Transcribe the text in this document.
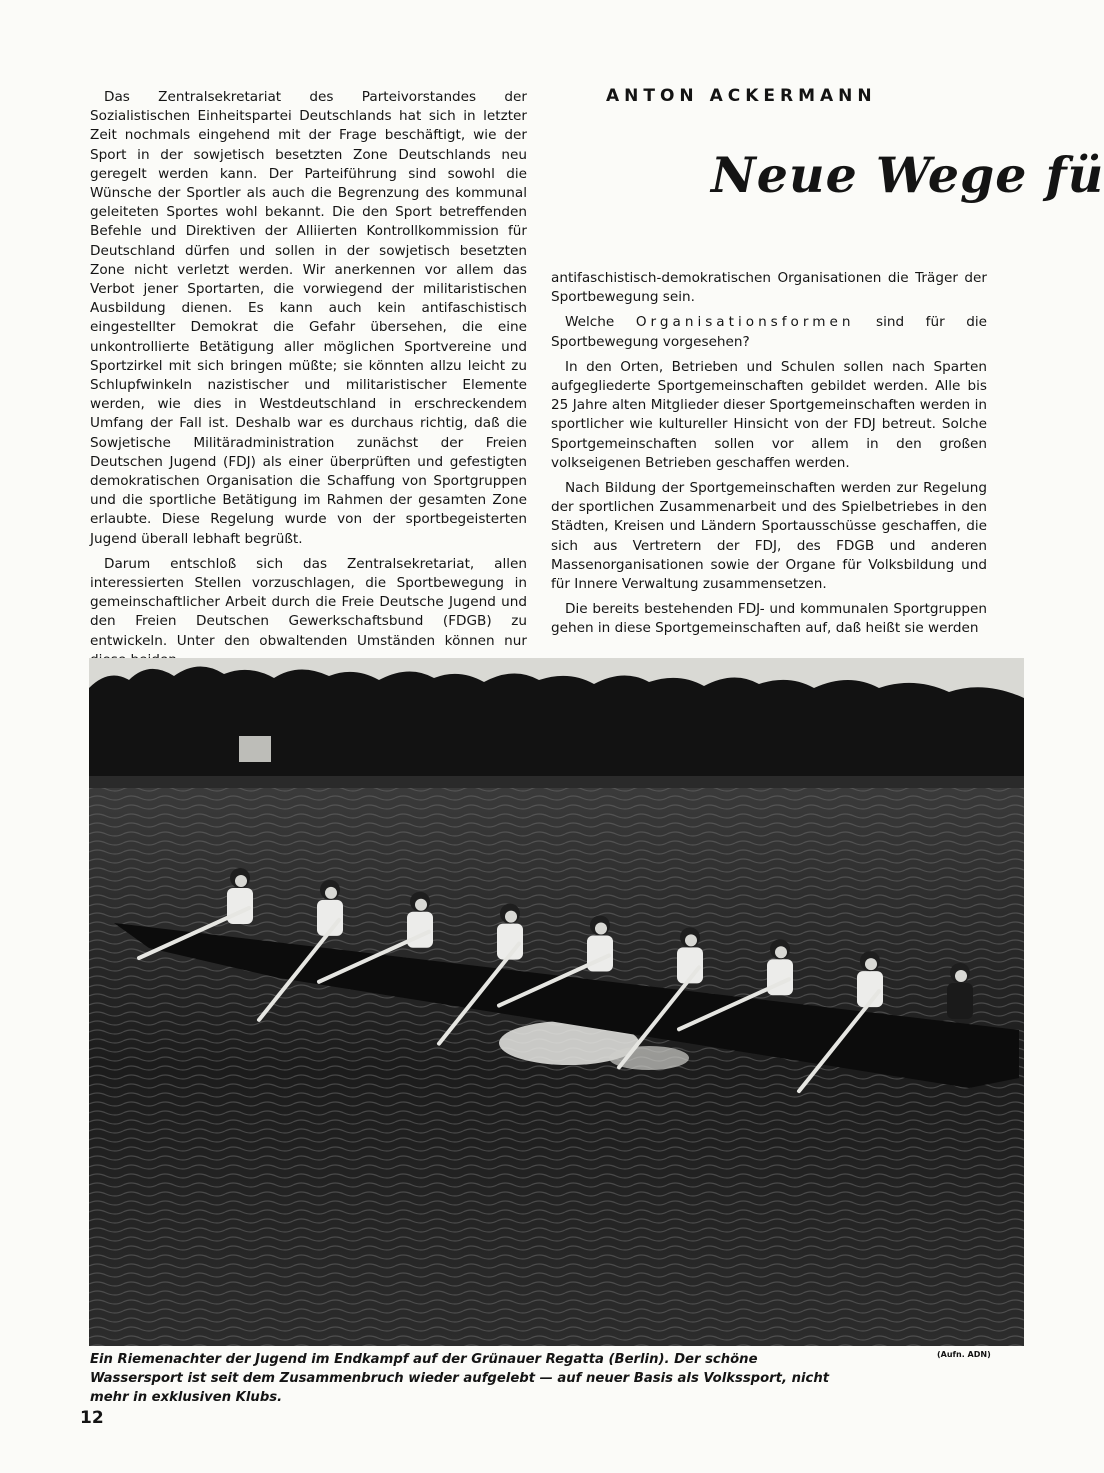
ANTON ACKERMANN
Neue Wege fü

Das Zentralsekretariat des Parteivorstandes der Sozialistischen Einheitspartei Deutschlands hat sich in letzter Zeit nochmals eingehend mit der Frage beschäftigt, wie der Sport in der sowjetisch besetzten Zone Deutschlands neu geregelt werden kann. Der Parteiführung sind sowohl die Wünsche der Sportler als auch die Begrenzung des kommunal geleiteten Sportes wohl bekannt. Die den Sport betreffenden Befehle und Direktiven der Alliierten Kontrollkommission für Deutschland dürfen und sollen in der sowjetisch besetzten Zone nicht verletzt werden. Wir anerkennen vor allem das Verbot jener Sportarten, die vorwiegend der militaristischen Ausbildung dienen. Es kann auch kein antifaschistisch eingestellter Demokrat die Gefahr übersehen, die eine unkontrollierte Betätigung aller möglichen Sportvereine und Sportzirkel mit sich bringen müßte; sie könnten allzu leicht zu Schlupfwinkeln nazistischer und militaristischer Elemente werden, wie dies in Westdeutschland in erschreckendem Umfang der Fall ist. Deshalb war es durchaus richtig, daß die Sowjetische Militäradministration zunächst der Freien Deutschen Jugend (FDJ) als einer überprüften und gefestigten demokratischen Organisation die Schaffung von Sportgruppen und die sportliche Betätigung im Rahmen der gesamten Zone erlaubte. Diese Regelung wurde von der sportbegeisterten Jugend überall lebhaft begrüßt.

Darum entschloß sich das Zentralsekretariat, allen interessierten Stellen vorzuschlagen, die Sportbewegung in gemeinschaftlicher Arbeit durch die Freie Deutsche Jugend und den Freien Deutschen Gewerkschaftsbund (FDGB) zu entwickeln. Unter den obwaltenden Umständen können nur

antifaschistisch-demokratischen Organisationen die Träger der Sportbewegung sein.

Welche Organisationsformen sind für die Sportbewegung vorgesehen?

In den Orten, Betrieben und Schulen sollen nach Sparten aufgegliederte Sportgemeinschaften gebildet werden. Alle bis 25 Jahre alten Mitglieder dieser Sportgemeinschaften werden in sportlicher wie kultureller Hinsicht von der FDJ betreut. Solche Sportgemeinschaften sollen vor allem in den großen volkseigenen Betrieben geschaffen werden.

Nach Bildung der Sportgemeinschaften werden zur Regelung der sportlichen Zusammenarbeit und des Spielbetriebes in den Städten, Kreisen und Ländern Sportausschüsse geschaffen, die sich aus Vertretern der FDJ, des FDGB und anderen Massenorganisationen sowie der Organe für Volksbildung und für Innere Verwaltung zusammensetzen.

Die bereits bestehenden FDJ- und kommunalen Sportgruppen gehen in diese Sportgemeinschaften auf, daß heißt sie werden

Ein Riemenachter der Jugend im Endkampf auf der Grünauer Regatta (Berlin). Der schöne Wassersport ist seit dem Zusammenbruch wieder aufgelebt — auf neuer Basis als Volkssport, nicht mehr in exklusiven Klubs.
(Aufn. ADN)
12
